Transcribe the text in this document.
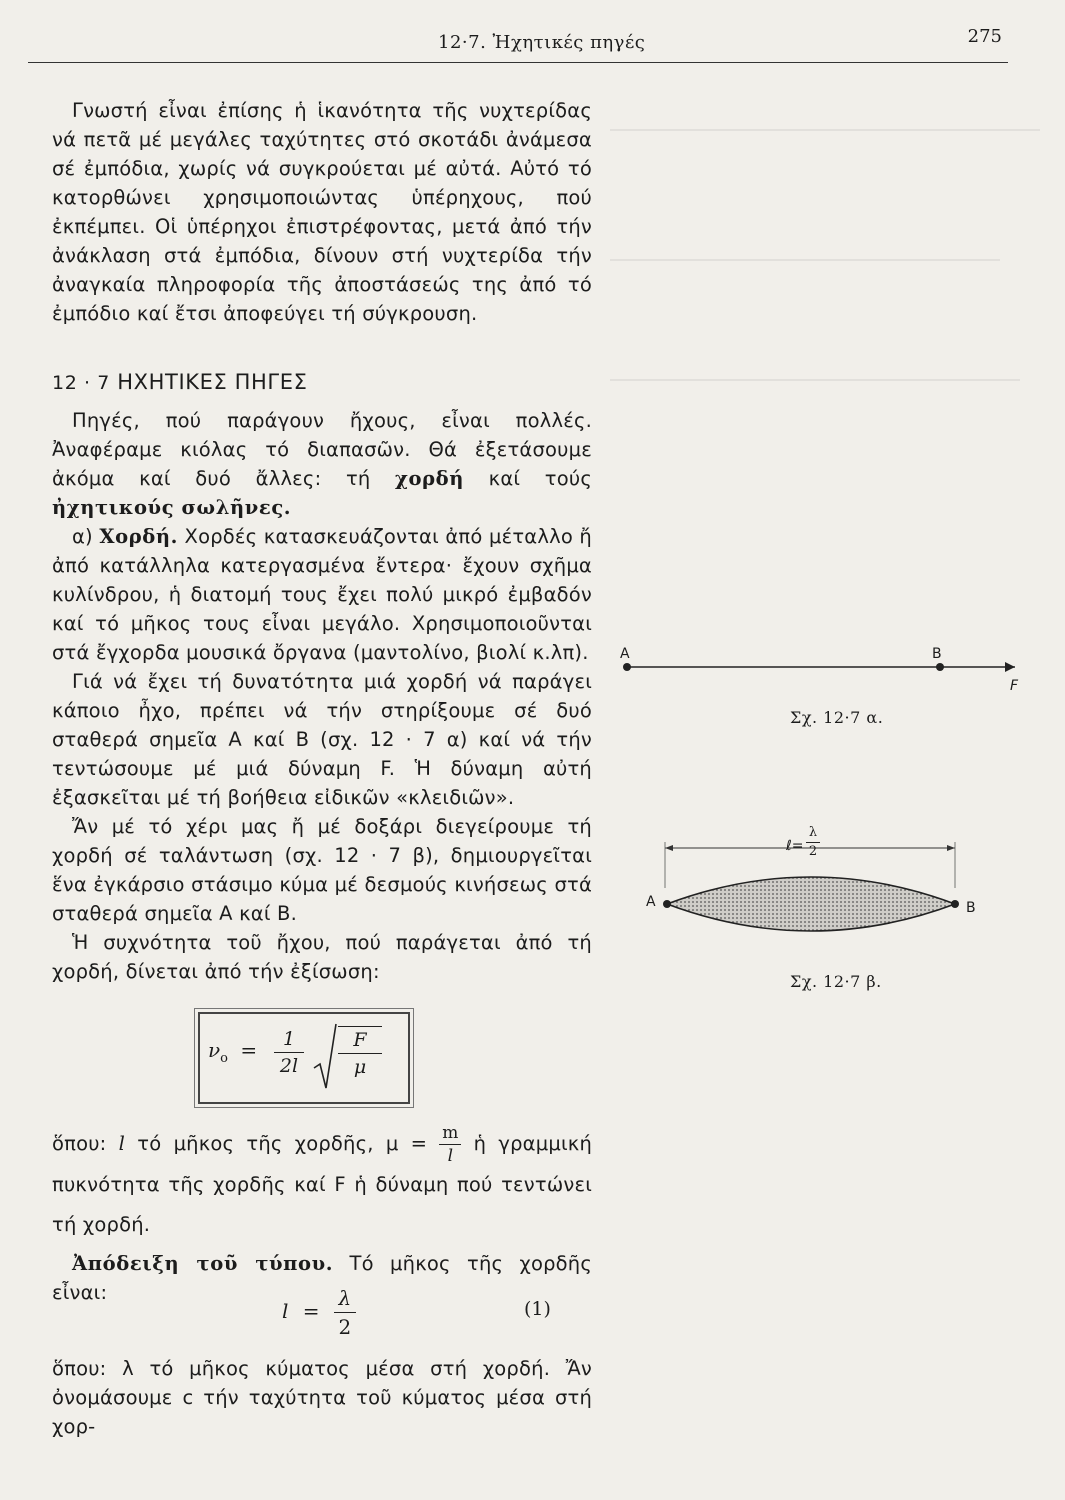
12·7. Ἠχητικές πηγές	275

Γνωστή εἶναι ἐπίσης ἡ ἱκανότητα τῆς νυχτερίδας νά πετᾶ μέ μεγάλες ταχύτητες στό σκοτάδι ἀνάμεσα σέ ἐμπόδια, χωρίς νά συγκρούεται μέ αὐτά. Αὐτό τό κατορθώνει χρησιμοποιώντας ὑπέρηχους, πού ἐκπέμπει. Οἱ ὑπέρηχοι ἐπιστρέφοντας, μετά ἀπό τήν ἀνάκλαση στά ἐμπόδια, δίνουν στή νυχτερίδα τήν ἀναγκαία πληροφορία τῆς ἀποστάσεώς της ἀπό τό ἐμπόδιο καί ἔτσι ἀποφεύγει τή σύγκρουση.

12 · 7 ΗΧΗΤΙΚΕΣ ΠΗΓΕΣ

Πηγές, πού παράγουν ἤχους, εἶναι πολλές. Ἀναφέραμε κιόλας τό διαπασῶν. Θά ἐξετάσουμε ἀκόμα καί δυό ἄλλες: τή χορδή καί τούς ἠχητικούς σωλῆνες.

α) Χορδή. Χορδές κατασκευάζονται ἀπό μέταλλο ἤ ἀπό κατάλληλα κατεργασμένα ἔντερα· ἔχουν σχῆμα κυλίνδρου, ἡ διατομή τους ἔχει πολύ μικρό ἐμβαδόν καί τό μῆκος τους εἶναι μεγάλο. Χρησιμοποιοῦνται στά ἔγχορδα μουσικά ὄργανα (μαντολίνο, βιολί κ.λπ).

Γιά νά ἔχει τή δυνατότητα μιά χορδή νά παράγει κάποιο ἦχο, πρέπει νά τήν στηρίξουμε σέ δυό σταθερά σημεῖα Α καί Β (σχ. 12 · 7 α) καί νά τήν τεντώσουμε μέ μιά δύναμη F. Ἡ δύναμη αὐτή ἐξασκεῖται μέ τή βοήθεια εἰδικῶν «κλειδιῶν».

Ἄν μέ τό χέρι μας ἤ μέ δοξάρι διεγείρουμε τή χορδή σέ ταλάντωση (σχ. 12 · 7 β), δημιουργεῖται ἕνα ἐγκάρσιο στάσιμο κύμα μέ δεσμούς κινήσεως στά σταθερά σημεῖα Α καί Β.

Ἡ συχνότητα τοῦ ἤχου, πού παράγεται ἀπό τή χορδή, δίνεται ἀπό τήν ἐξίσωση:

$\nu_o$ =	1
2l
F
μ

ὅπου: l τό μῆκος τῆς χορδῆς, $\mu = \frac{m}{l}$ ἡ γραμμική πυκνότητα τῆς χορδῆς καί F ἡ δύναμη πού τεντώνει τή χορδή.

Ἀπόδειξη τοῦ τύπου. Τό μῆκος τῆς χορδῆς εἶναι:

$l = \frac{\lambda}{2}$	(1)

ὅπου: λ τό μῆκος κύματος μέσα στή χορδή. Ἄν ὀνομάσουμε c τήν ταχύτητα τοῦ κύματος μέσα στή χορ-

Α	Β
F
Σχ. 12·7 α.
ℓ=
λ
2
Α	Β
Σχ. 12·7 β.
